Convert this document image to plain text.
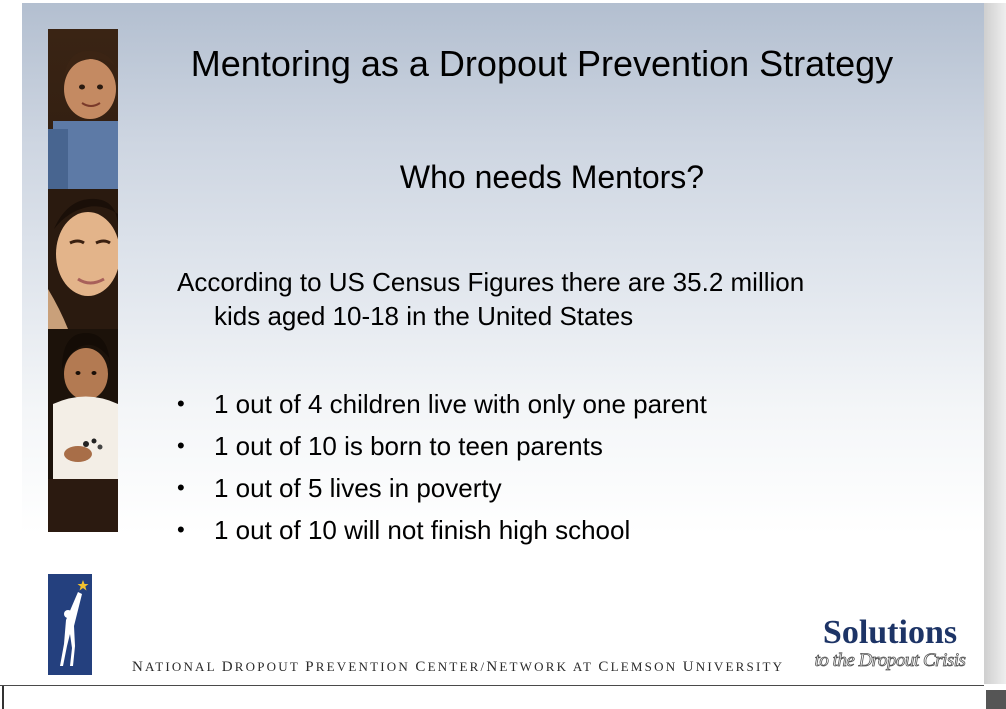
Mentoring as a Dropout Prevention Strategy
Who needs Mentors?
According to US Census Figures there are 35.2 million
kids aged 10-18 in the United States
• 1 out of 4 children live with only one parent
• 1 out of 10 is born to teen parents
• 1 out of 5 lives in poverty
• 1 out of 10 will not finish high school
NATIONAL DROPOUT PREVENTION CENTER/NETWORK AT CLEMSON UNIVERSITY
Solutions
to the Dropout Crisis
